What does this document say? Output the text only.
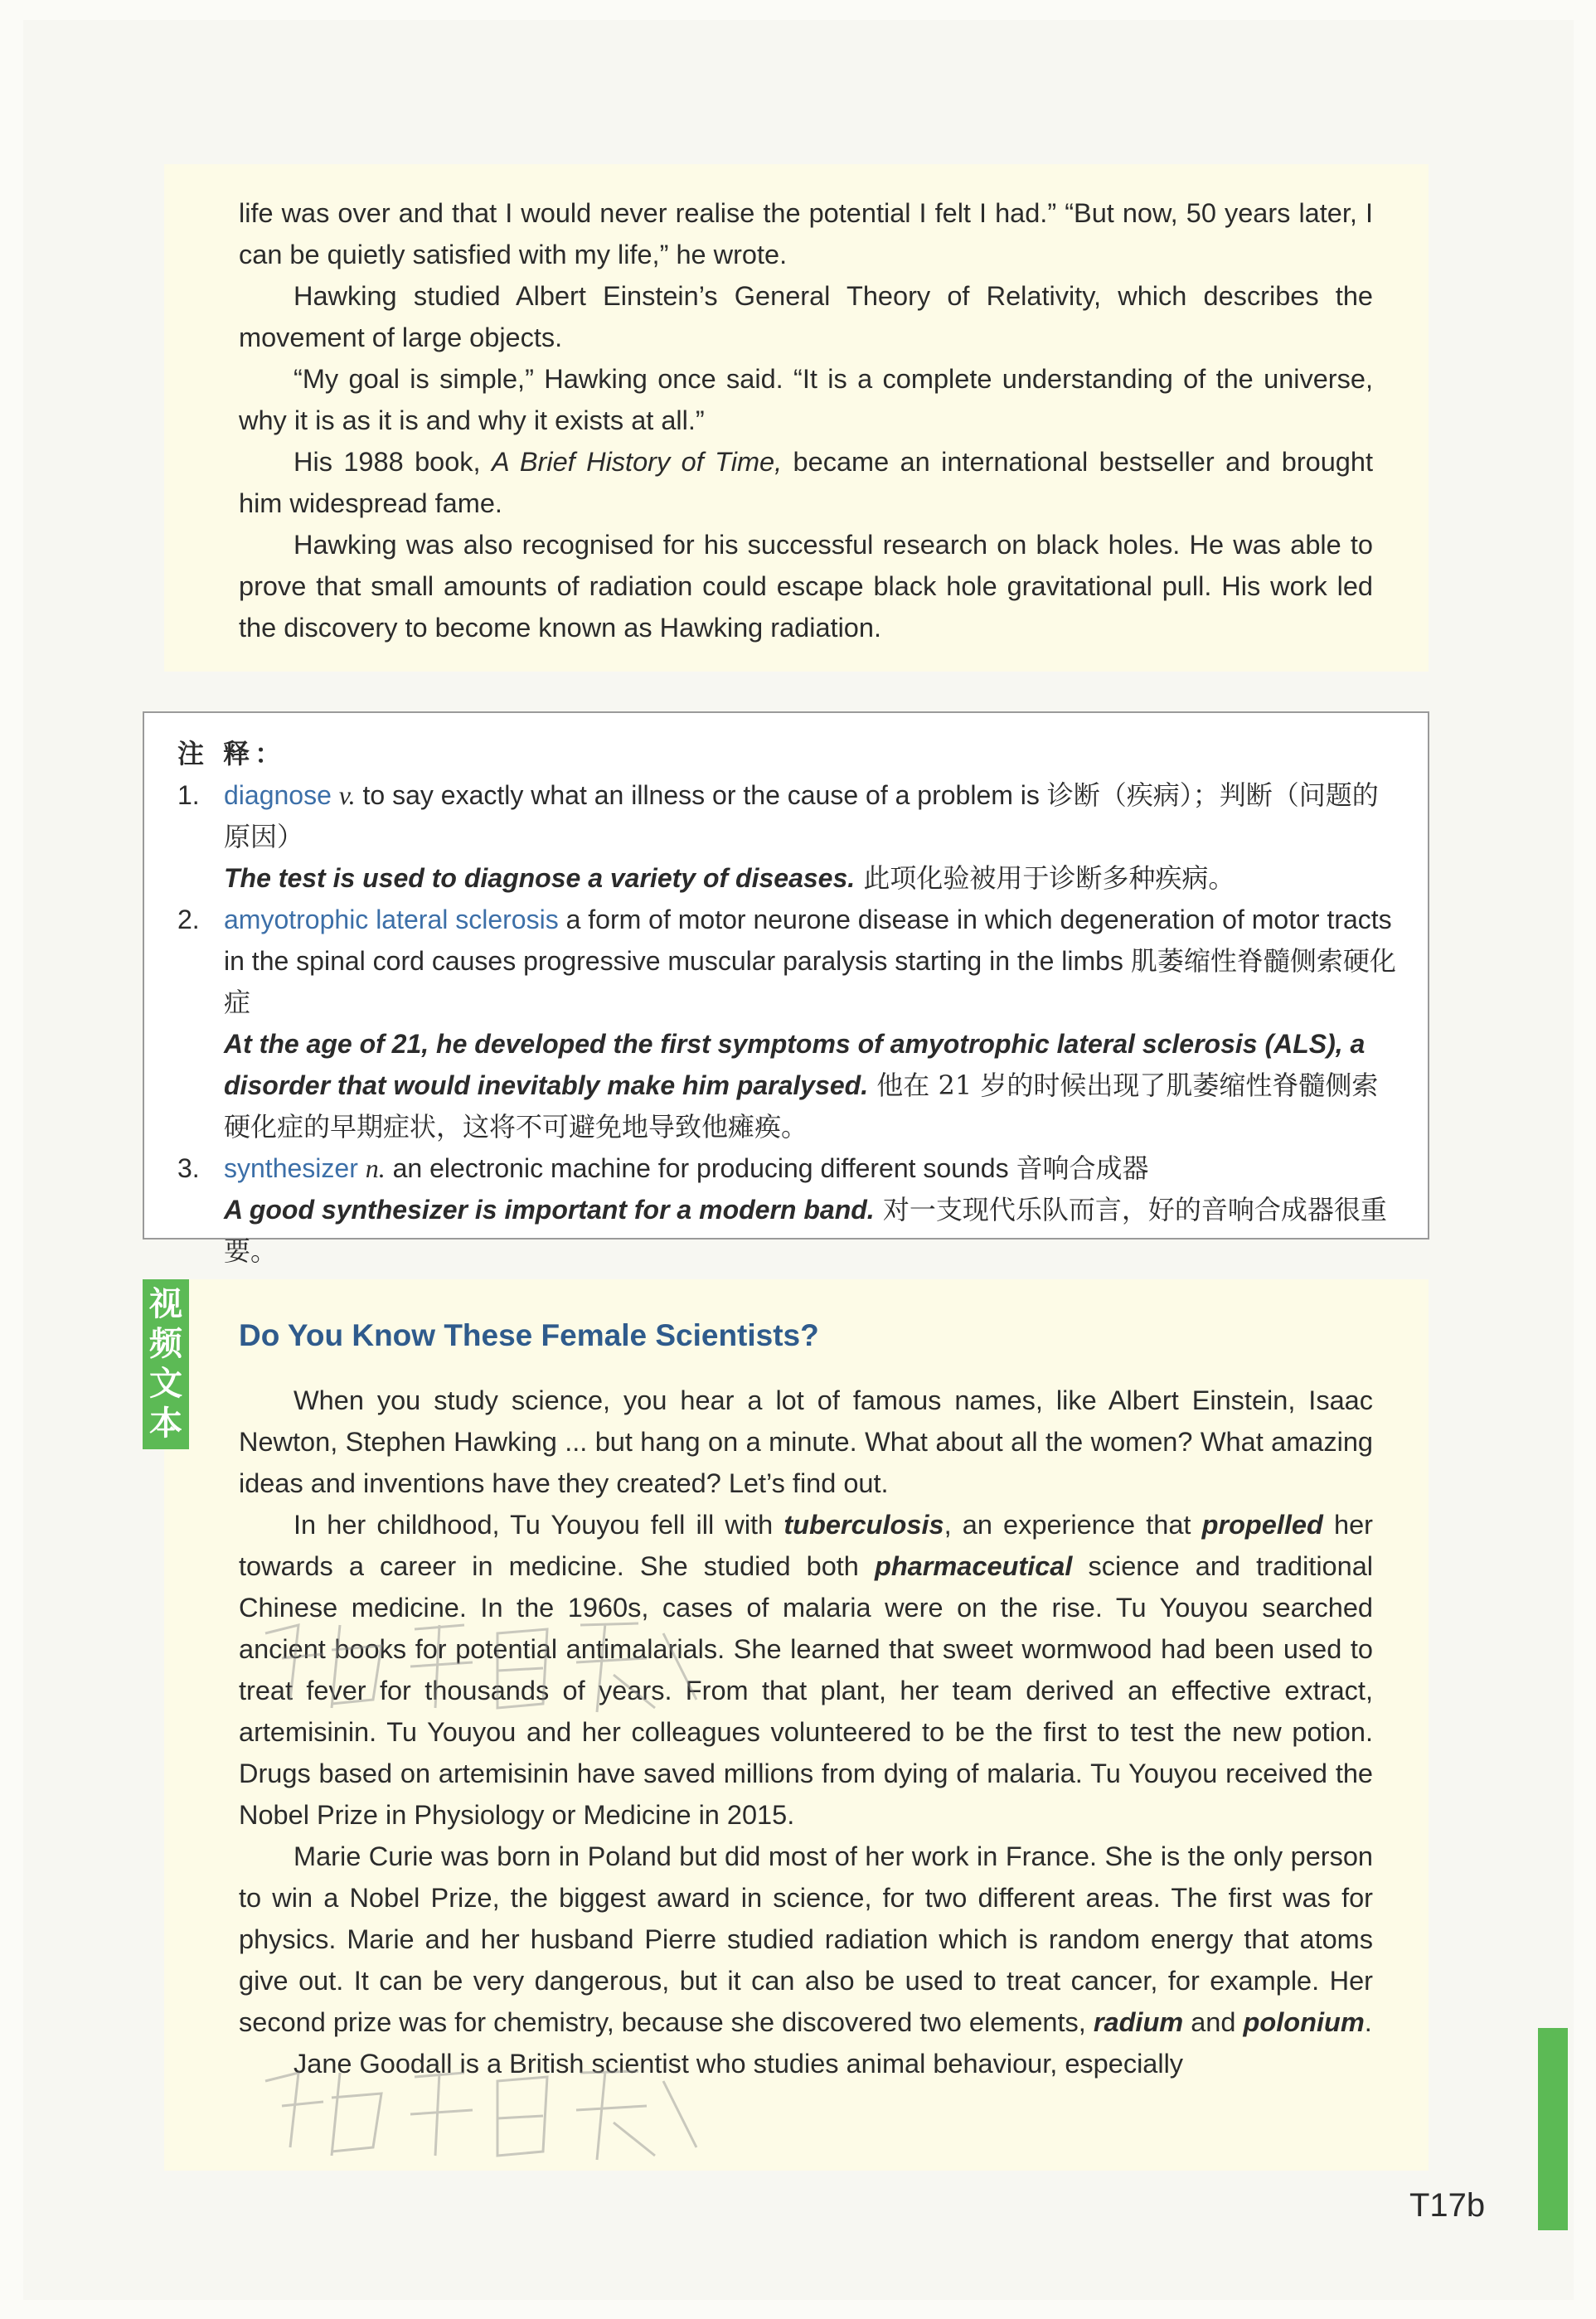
life was over and that I would never realise the potential I felt I had.” “But now, 50 years later, I can be quietly satisfied with my life,” he wrote.

Hawking studied Albert Einstein’s General Theory of Relativity, which describes the movement of large objects.

“My goal is simple,” Hawking once said. “It is a complete understanding of the universe, why it is as it is and why it exists at all.”

His 1988 book, A Brief History of Time, became an international bestseller and brought him widespread fame.

Hawking was also recognised for his successful research on black holes. He was able to prove that small amounts of radiation could escape black hole gravitational pull. His work led the discovery to become known as Hawking radiation.

注 释：

1. diagnose v. to say exactly what an illness or the cause of a problem is 诊断（疾病）；判断（问题的原因）
The test is used to diagnose a variety of diseases. 此项化验被用于诊断多种疾病。
2. amyotrophic lateral sclerosis a form of motor neurone disease in which degeneration of motor tracts in the spinal cord causes progressive muscular paralysis starting in the limbs 肌萎缩性脊髓侧索硬化症
At the age of 21, he developed the first symptoms of amyotrophic lateral sclerosis (ALS), a disorder that would inevitably make him paralysed. 他在 21 岁的时候出现了肌萎缩性脊髓侧索硬化症的早期症状，这将不可避免地导致他瘫痪。
3. synthesizer n. an electronic machine for producing different sounds 音响合成器
A good synthesizer is important for a modern band. 对一支现代乐队而言，好的音响合成器很重要。
视频文本
Do You Know These Female Scientists?

When you study science, you hear a lot of famous names, like Albert Einstein, Isaac Newton, Stephen Hawking ... but hang on a minute. What about all the women? What amazing ideas and inventions have they created? Let’s find out.

In her childhood, Tu Youyou fell ill with tuberculosis, an experience that propelled her towards a career in medicine. She studied both pharmaceutical science and traditional Chinese medicine. In the 1960s, cases of malaria were on the rise. Tu Youyou searched ancient books for potential antimalarials. She learned that sweet wormwood had been used to treat fever for thousands of years. From that plant, her team derived an effective extract, artemisinin. Tu Youyou and her colleagues volunteered to be the first to test the new potion. Drugs based on artemisinin have saved millions from dying of malaria. Tu Youyou received the Nobel Prize in Physiology or Medicine in 2015.

Marie Curie was born in Poland but did most of her work in France. She is the only person to win a Nobel Prize, the biggest award in science, for two different areas. The first was for physics. Marie and her husband Pierre studied radiation which is random energy that atoms give out. It can be very dangerous, but it can also be used to treat cancer, for example. Her second prize was for chemistry, because she discovered two elements, radium and polonium.

Jane Goodall is a British scientist who studies animal behaviour, especially

T17b
